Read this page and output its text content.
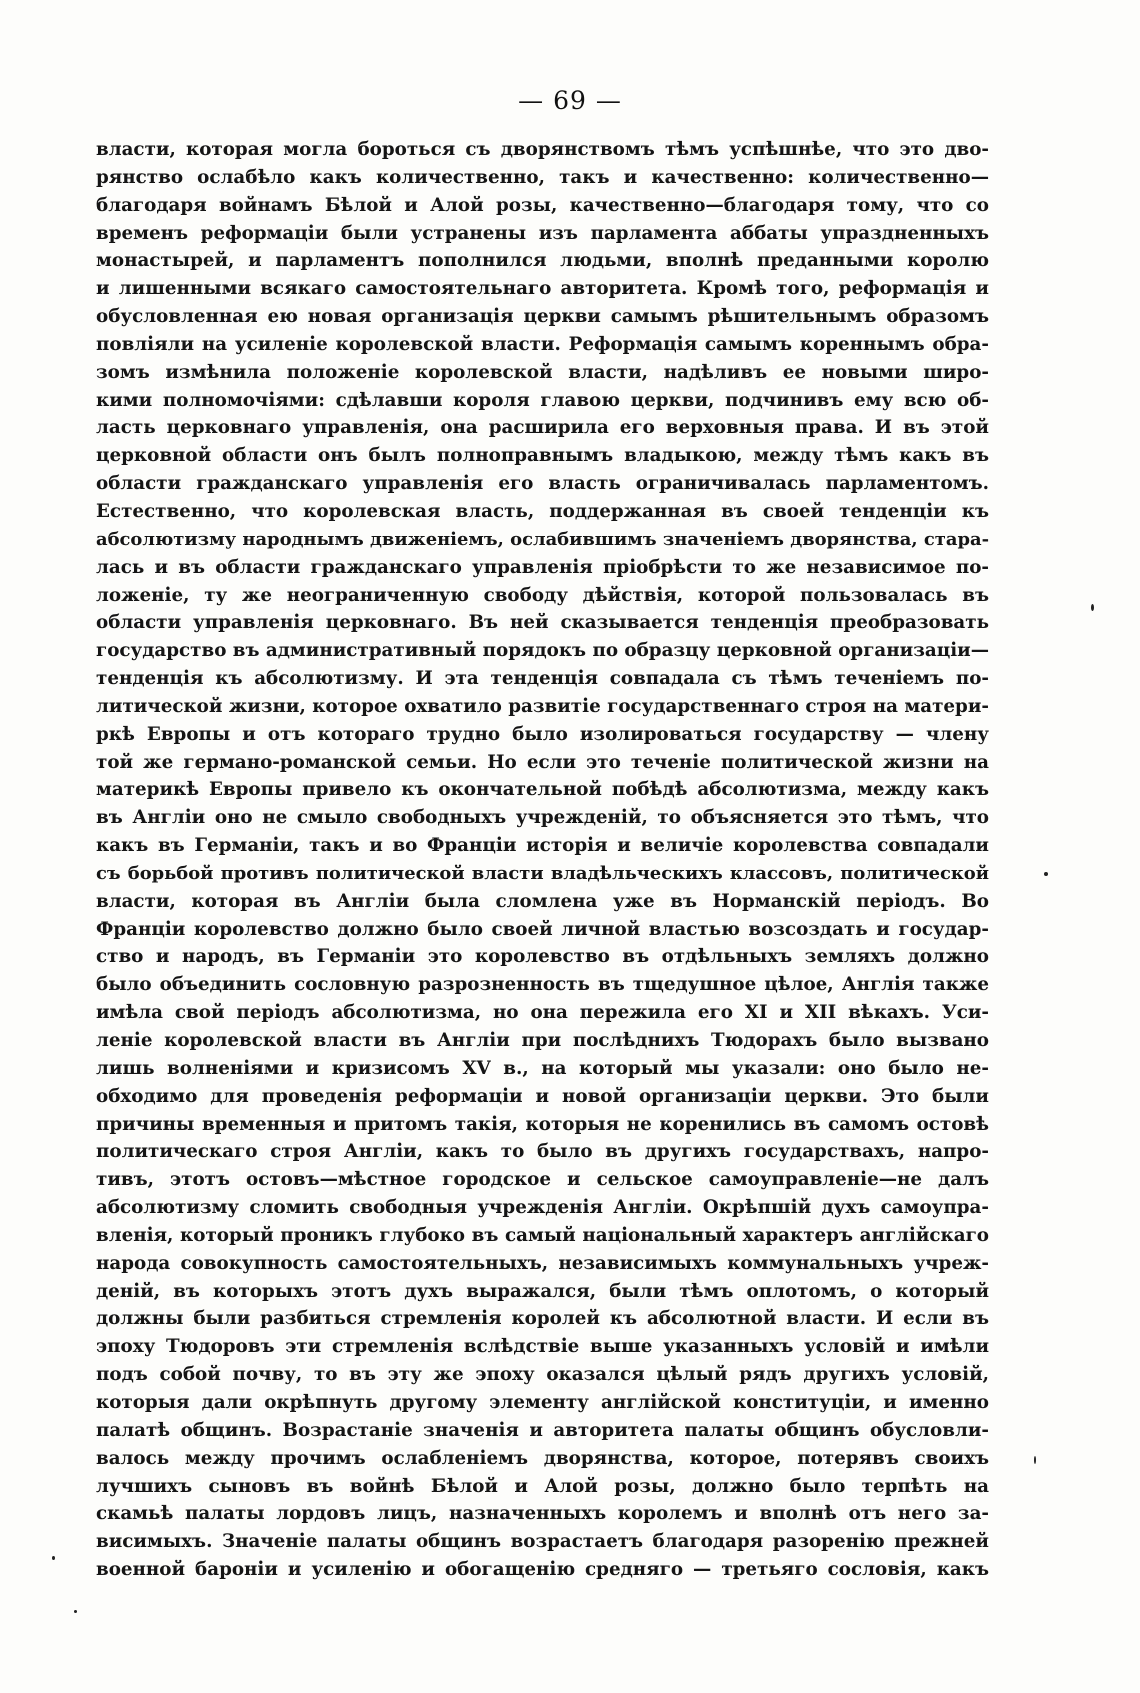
— 69 —
власти, которая могла бороться съ дворянствомъ тѣмъ успѣшнѣе, что это дво-
рянство ослабѣло какъ количественно, такъ и качественно: количественно—
благодаря войнамъ Бѣлой и Алой розы, качественно—благодаря тому, что со
временъ реформаціи были устранены изъ парламента аббаты упраздненныхъ
монастырей, и парламентъ пополнился людьми, вполнѣ преданными королю
и лишенными всякаго самостоятельнаго авторитета. Кромѣ того, реформація и
обусловленная ею новая организація церкви самымъ рѣшительнымъ образомъ
повліяли на усиленіе королевской власти. Реформація самымъ кореннымъ обра-
зомъ измѣнила положеніе королевской власти, надѣливъ ее новыми широ-
кими полномочіями: сдѣлавши короля главою церкви, подчинивъ ему всю об-
ласть церковнаго управленія, она расширила его верховныя права. И въ этой
церковной области онъ былъ полноправнымъ владыкою, между тѣмъ какъ въ
области гражданскаго управленія его власть ограничивалась парламентомъ.
Естественно, что королевская власть, поддержанная въ своей тенденціи къ
абсолютизму народнымъ движеніемъ, ослабившимъ значеніемъ дворянства, стара-
лась и въ области гражданскаго управленія пріобрѣсти то же независимое по-
ложеніе, ту же неограниченную свободу дѣйствія, которой пользовалась въ
области управленія церковнаго. Въ ней сказывается тенденція преобразовать
государство въ административный порядокъ по образцу церковной организаціи—
тенденція къ абсолютизму. И эта тенденція совпадала съ тѣмъ теченіемъ по-
литической жизни, которое охватило развитіе государственнаго строя на матери-
ркѣ Европы и отъ котораго трудно было изолироваться государству — члену
той же германо-романской семьи. Но если это теченіе политической жизни на
материкѣ Европы привело къ окончательной побѣдѣ абсолютизма, между какъ
въ Англіи оно не смыло свободныхъ учрежденій, то объясняется это тѣмъ, что
какъ въ Германіи, такъ и во Франціи исторія и величіе королевства совпадали
съ борьбой противъ политической власти владѣльческихъ классовъ, политической
власти, которая въ Англіи была сломлена уже въ Норманскій періодъ. Во
Франціи королевство должно было своей личной властью возсоздать и государ-
ство и народъ, въ Германіи это королевство въ отдѣльныхъ земляхъ должно
было объединить сословную разрозненность въ тщедушное цѣлое, Англія также
имѣла свой періодъ абсолютизма, но она пережила его XI и XII вѣкахъ. Уси-
леніе королевской власти въ Англіи при послѣднихъ Тюдорахъ было вызвано
лишь волненіями и кризисомъ XV в., на который мы указали: оно было не-
обходимо для проведенія реформаціи и новой организаціи церкви. Это были
причины временныя и притомъ такія, которыя не коренились въ самомъ остовѣ
политическаго строя Англіи, какъ то было въ другихъ государствахъ, напро-
тивъ, этотъ остовъ—мѣстное городское и сельское самоуправленіе—не далъ
абсолютизму сломить свободныя учрежденія Англіи. Окрѣпшій духъ самоупра-
вленія, который проникъ глубоко въ самый національный характеръ англійскаго
народа совокупность самостоятельныхъ, независимыхъ коммунальныхъ учреж-
деній, въ которыхъ этотъ духъ выражался, были тѣмъ оплотомъ, о который
должны были разбиться стремленія королей къ абсолютной власти. И если въ
эпоху Тюдоровъ эти стремленія вслѣдствіе выше указанныхъ условій и имѣли
подъ собой почву, то въ эту же эпоху оказался цѣлый рядъ другихъ условій,
которыя дали окрѣпнуть другому элементу англійской конституціи, и именно
палатѣ общинъ. Возрастаніе значенія и авторитета палаты общинъ обусловли-
валось между прочимъ ослабленіемъ дворянства, которое, потерявъ своихъ
лучшихъ сыновъ въ войнѣ Бѣлой и Алой розы, должно было терпѣть на
скамьѣ палаты лордовъ лицъ, назначенныхъ королемъ и вполнѣ отъ него за-
висимыхъ. Значеніе палаты общинъ возрастаетъ благодаря разоренію прежней
военной бароніи и усиленію и обогащенію средняго — третьяго сословія, какъ
